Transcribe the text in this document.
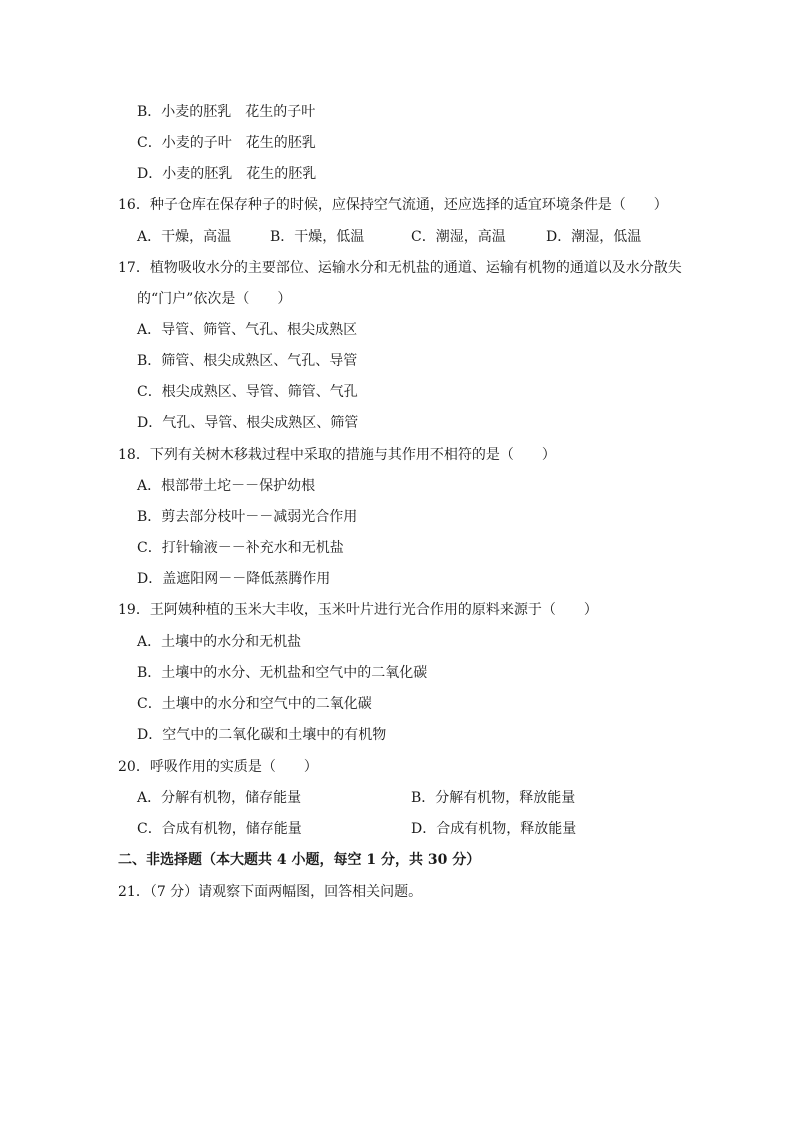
B．小麦的胚乳　花生的子叶
C．小麦的子叶　花生的胚乳
D．小麦的胚乳　花生的胚乳
16．种子仓库在保存种子的时候，应保持空气流通，还应选择的适宜环境条件是（　　）
A．干燥，高温	B．干燥，低温	C．潮湿，高温	D．潮湿，低温
17．植物吸收水分的主要部位、运输水分和无机盐的通道、运输有机物的通道以及水分散失
的“门户”依次是（　　）
A．导管、筛管、气孔、根尖成熟区
B．筛管、根尖成熟区、气孔、导管
C．根尖成熟区、导管、筛管、气孔
D．气孔、导管、根尖成熟区、筛管
18．下列有关树木移栽过程中采取的措施与其作用不相符的是（　　）
A．根部带土坨－－保护幼根
B．剪去部分枝叶－－减弱光合作用
C．打针输液－－补充水和无机盐
D．盖遮阳网－－降低蒸腾作用
19．王阿姨种植的玉米大丰收，玉米叶片进行光合作用的原料来源于（　　）
A．土壤中的水分和无机盐
B．土壤中的水分、无机盐和空气中的二氧化碳
C．土壤中的水分和空气中的二氧化碳
D．空气中的二氧化碳和土壤中的有机物
20．呼吸作用的实质是（　　）
A．分解有机物，储存能量	B．分解有机物，释放能量
C．合成有机物，储存能量	D．合成有机物，释放能量
二、非选择题（本大题共 4 小题，每空 1 分，共 30 分）
21．（7 分）请观察下面两幅图，回答相关问题。
